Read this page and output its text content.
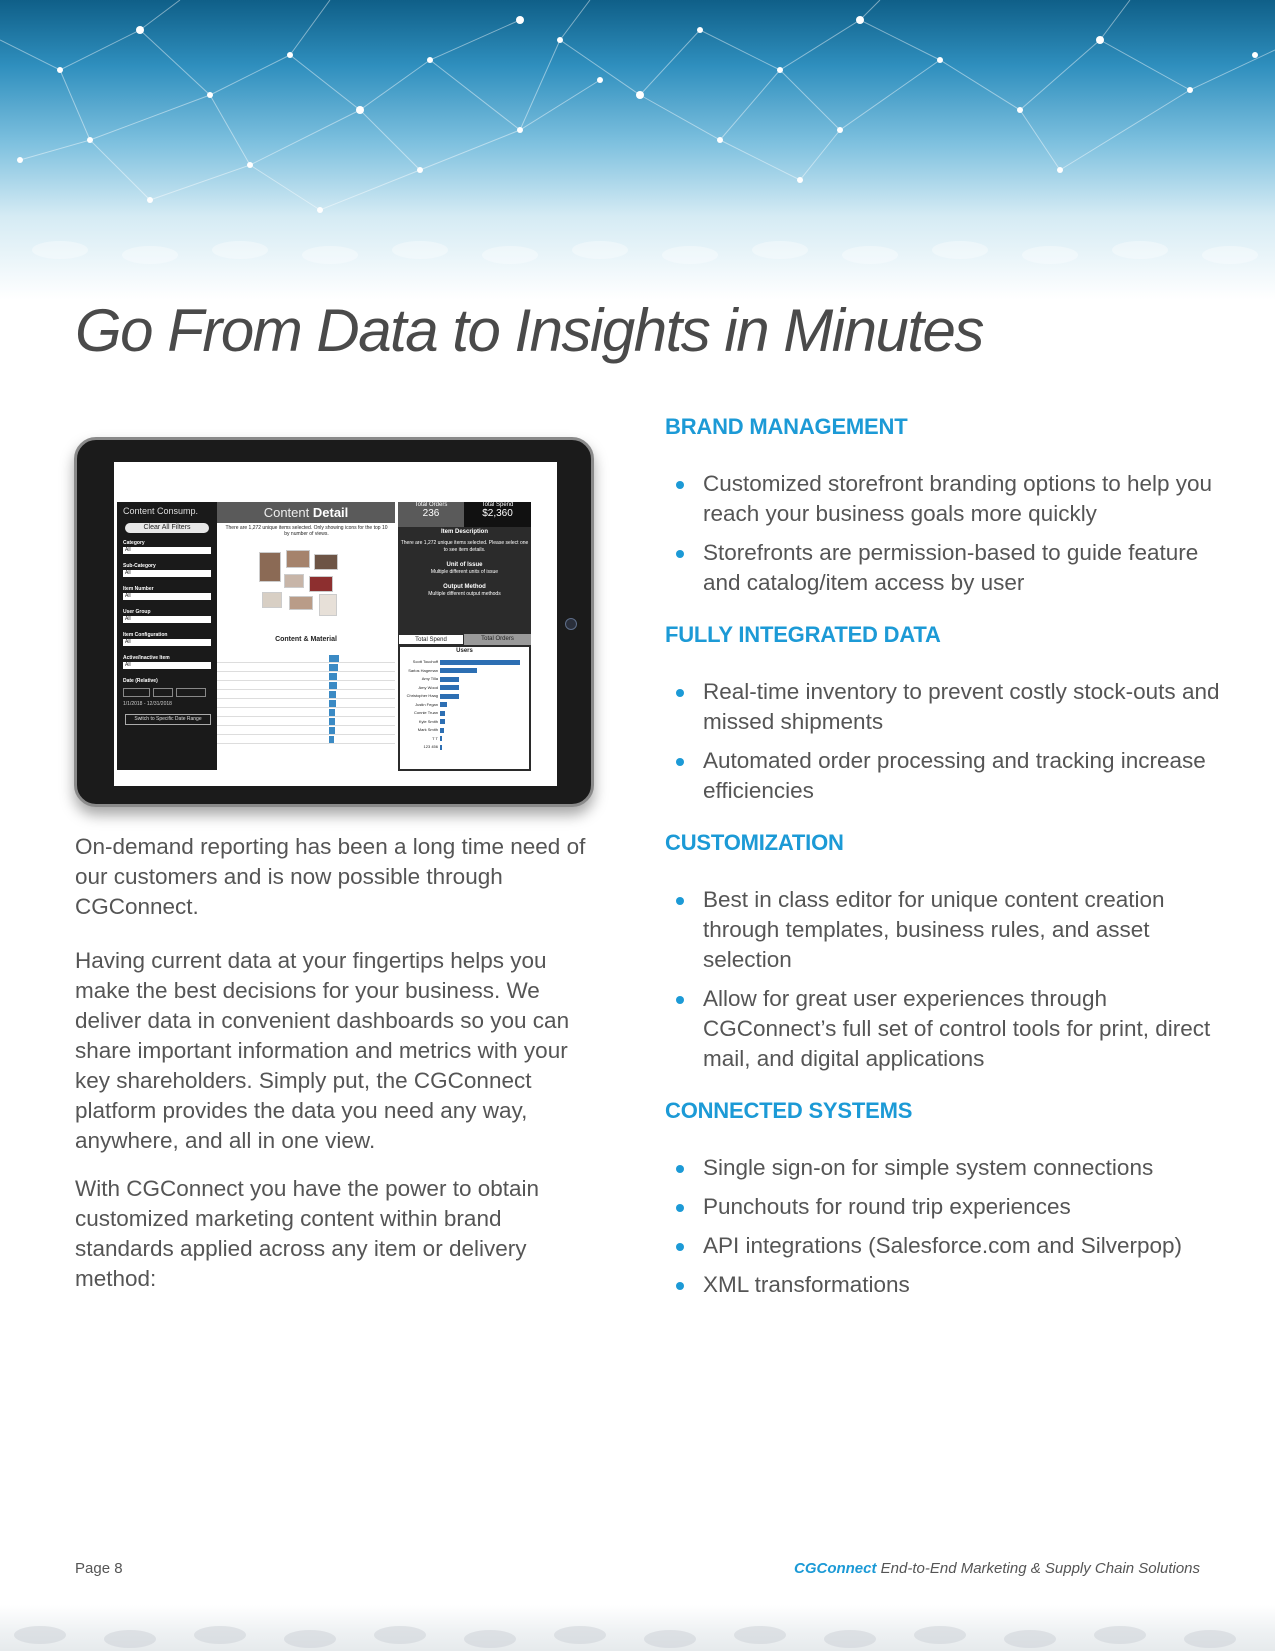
Go From Data to Insights in Minutes
Content Consump.
Clear All Filters
Category
All
Sub-Category
All
Item Number
All
User Group
All
Item Configuration
All
Active/Inactive Item
All
Date (Relative)
1/1/2018 - 12/31/2018
Switch to Specific Date Range
Content Detail
There are 1,272 unique items selected. Only showing icons for the top 10 by number of views.
Content & Material
Total Orders
236
Total Spend
$2,360
Item Description
There are 1,272 unique items selected. Please select one to see item details.
Unit of Issue
Multiple different units of issue
Output Method
Multiple different output methods
Total Spend	Total Orders
Users
Scott Touchoff
Sarlos Hageman
Amy Tilla
Amy Wood
Christopher Haag
Justin Fegan
Connie Truan
Kyle Smith
Mark Smith
T T
123 456

On-demand reporting has been a long time need of our customers and is now possible through CGConnect.

Having current data at your fingertips helps you make the best decisions for your business. We deliver data in convenient dashboards so you can share important information and metrics with your key shareholders. Simply put, the CGConnect platform provides the data you need any way, anywhere, and all in one view.

With CGConnect you have the power to obtain customized marketing content within brand standards applied across any item or delivery method:

BRAND MANAGEMENT
Customized storefront branding options to help you reach your business goals more quickly
Storefronts are permission-based to guide feature and catalog/item access by user
FULLY INTEGRATED DATA
Real-time inventory to prevent costly stock-outs and missed shipments
Automated order processing and tracking increase efficiencies
CUSTOMIZATION
Best in class editor for unique content creation through templates, business rules, and asset selection
Allow for great user experiences through CGConnect’s full set of control tools for print, direct mail, and digital applications
CONNECTED SYSTEMS
Single sign-on for simple system connections
Punchouts for round trip experiences
API integrations (Salesforce.com and Silverpop)
XML transformations
Page 8	CGConnect End-to-End Marketing & Supply Chain Solutions
